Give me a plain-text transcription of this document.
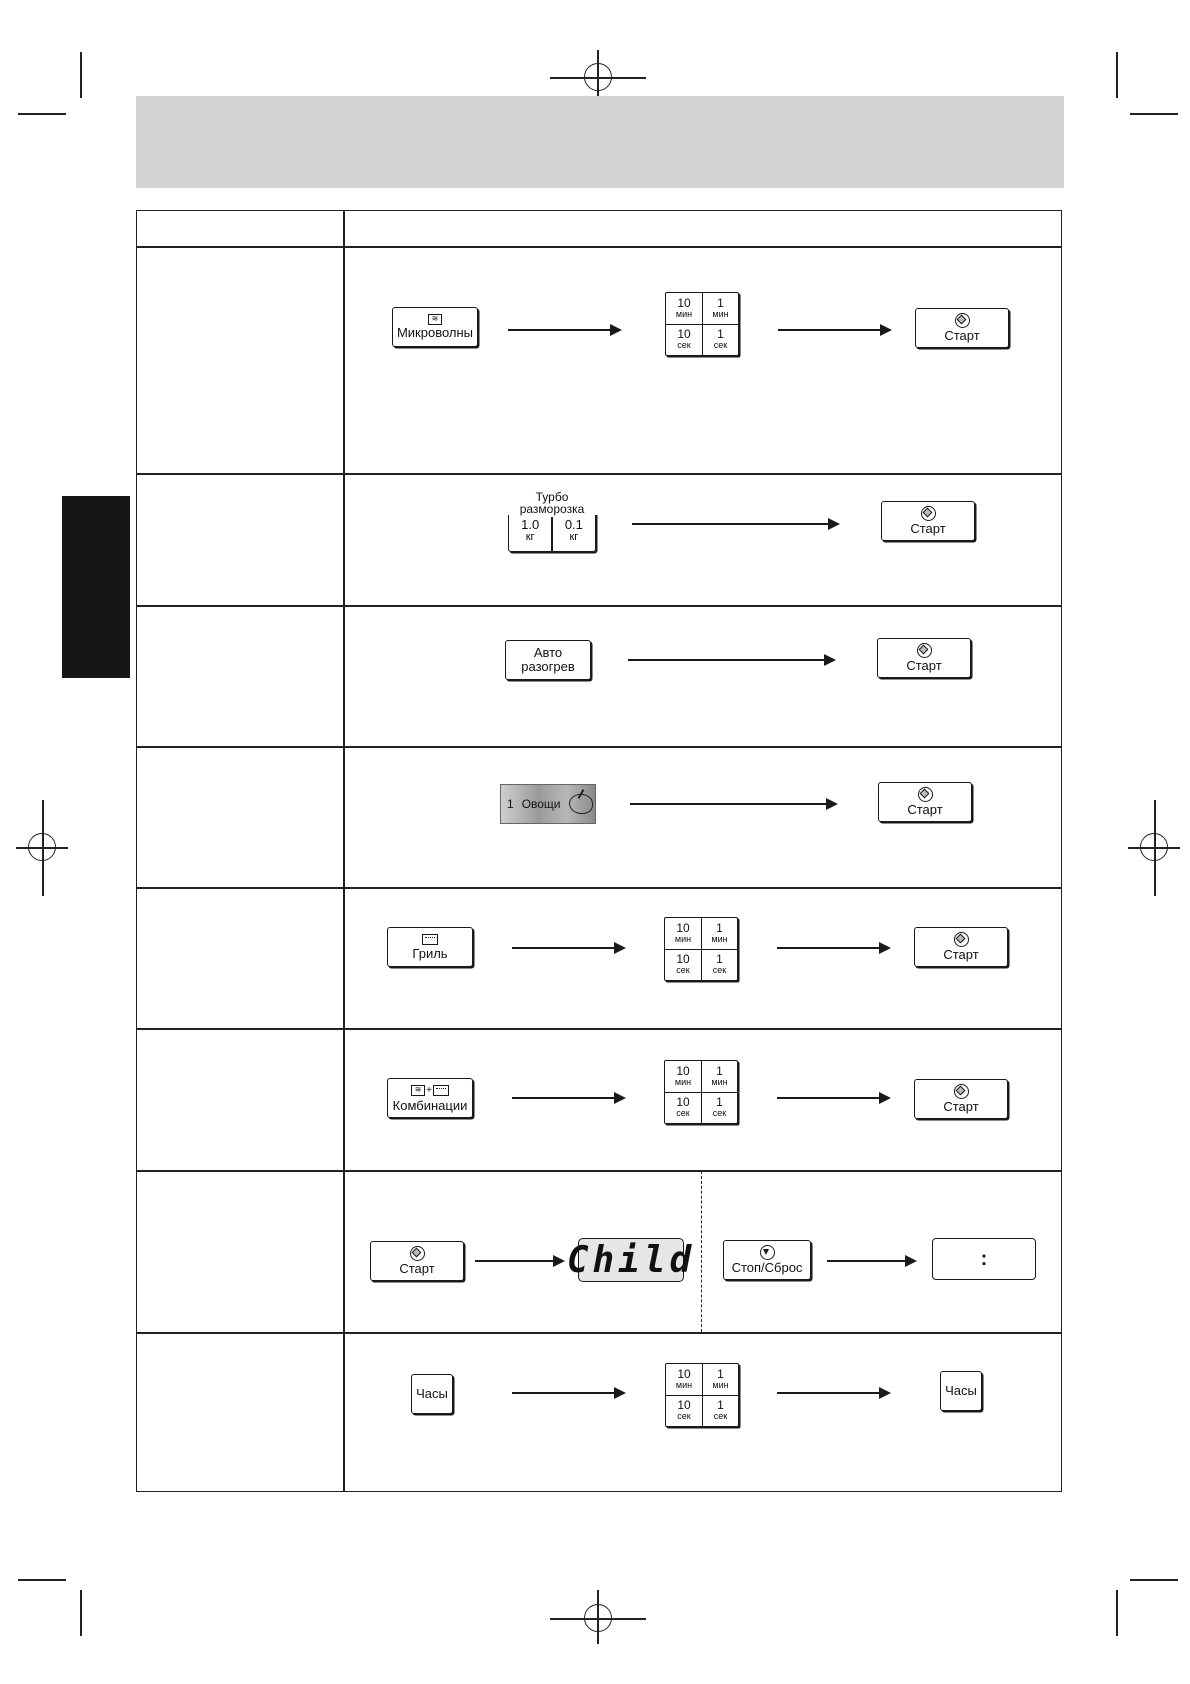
≋
Микроволны
10
мин
1
мин
10
сек
1
сек
Старт
1.0
кг
0.1
кг
Турбо
разморозка
Старт
Авто
разогрев	Старт
1 Овощи	Старт
Гриль
10
мин
1
мин
10
сек
1
сек
Старт
≋ +
Комбинации
10
мин
1
мин
10
сек
1
сек	Старт
Старт	Child	Стоп/Сброс	:
Часы
10
мин
1
мин
10
сек
1
сек
Часы
